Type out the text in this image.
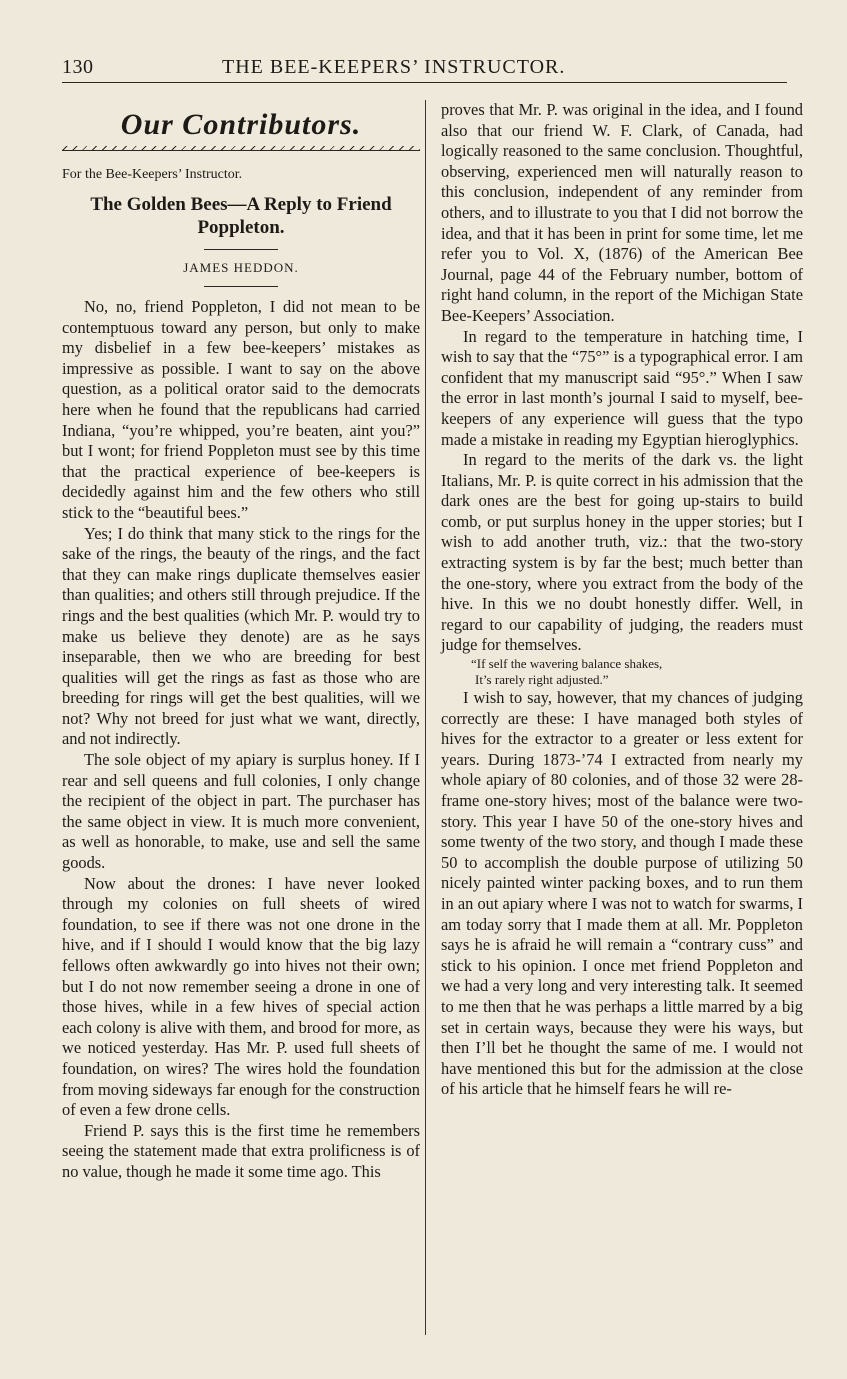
130	THE BEE-KEEPERS’ INSTRUCTOR.
Our Contributors.
For the Bee-Keepers’ Instructor.
The Golden Bees—A Reply to Friend Poppleton.
JAMES HEDDON.

No, no, friend Poppleton, I did not mean to be contemptuous toward any person, but only to make my disbelief in a few bee-keepers’ mistakes as impressive as possible. I want to say on the above question, as a political orator said to the democrats here when he found that the republicans had carried Indiana, “you’re whipped, you’re beaten, aint you?” but I wont; for friend Poppleton must see by this time that the practical experience of bee-keepers is decidedly against him and the few others who still stick to the “beautiful bees.”

Yes; I do think that many stick to the rings for the sake of the rings, the beauty of the rings, and the fact that they can make rings duplicate themselves easier than qualities; and others still through prejudice. If the rings and the best qualities (which Mr. P. would try to make us believe they denote) are as he says inseparable, then we who are breeding for best qualities will get the rings as fast as those who are breeding for rings will get the best qualities, will we not? Why not breed for just what we want, directly, and not indirectly.

The sole object of my apiary is surplus honey. If I rear and sell queens and full colonies, I only change the recipient of the object in part. The purchaser has the same object in view. It is much more convenient, as well as honorable, to make, use and sell the same goods.

Now about the drones: I have never looked through my colonies on full sheets of wired foundation, to see if there was not one drone in the hive, and if I should I would know that the big lazy fellows often awkwardly go into hives not their own; but I do not now remember seeing a drone in one of those hives, while in a few hives of special action each colony is alive with them, and brood for more, as we noticed yesterday. Has Mr. P. used full sheets of foundation, on wires? The wires hold the foundation from moving sideways far enough for the construction of even a few drone cells.

Friend P. says this is the first time he remembers seeing the statement made that extra prolificness is of no value, though he made it some time ago. This

proves that Mr. P. was original in the idea, and I found also that our friend W. F. Clark, of Canada, had logically reasoned to the same conclusion. Thoughtful, observing, experienced men will naturally reason to this conclusion, independent of any reminder from others, and to illustrate to you that I did not borrow the idea, and that it has been in print for some time, let me refer you to Vol. X, (1876) of the American Bee Journal, page 44 of the February number, bottom of right hand column, in the report of the Michigan State Bee-Keepers’ Association.

In regard to the temperature in hatching time, I wish to say that the “75°” is a typographical error. I am confident that my manuscript said “95°.” When I saw the error in last month’s journal I said to myself, bee-keepers of any experience will guess that the typo made a mistake in reading my Egyptian hieroglyphics.

In regard to the merits of the dark vs. the light Italians, Mr. P. is quite correct in his admission that the dark ones are the best for going up-stairs to build comb, or put surplus honey in the upper stories; but I wish to add another truth, viz.: that the two-story extracting system is by far the best; much better than the one-story, where you extract from the body of the hive. In this we no doubt honestly differ. Well, in regard to our capability of judging, the readers must judge for themselves.

“If self the wavering balance shakes,
It’s rarely right adjusted.”

I wish to say, however, that my chances of judging correctly are these: I have managed both styles of hives for the extractor to a greater or less extent for years. During 1873-’74 I extracted from nearly my whole apiary of 80 colonies, and of those 32 were 28-frame one-story hives; most of the balance were two-story. This year I have 50 of the one-story hives and some twenty of the two story, and though I made these 50 to accomplish the double purpose of utilizing 50 nicely painted winter packing boxes, and to run them in an out apiary where I was not to watch for swarms, I am today sorry that I made them at all. Mr. Poppleton says he is afraid he will remain a “contrary cuss” and stick to his opinion. I once met friend Poppleton and we had a very long and very interesting talk. It seemed to me then that he was perhaps a little marred by a big set in certain ways, because they were his ways, but then I’ll bet he thought the same of me. I would not have mentioned this but for the admission at the close of his article that he himself fears he will re-
